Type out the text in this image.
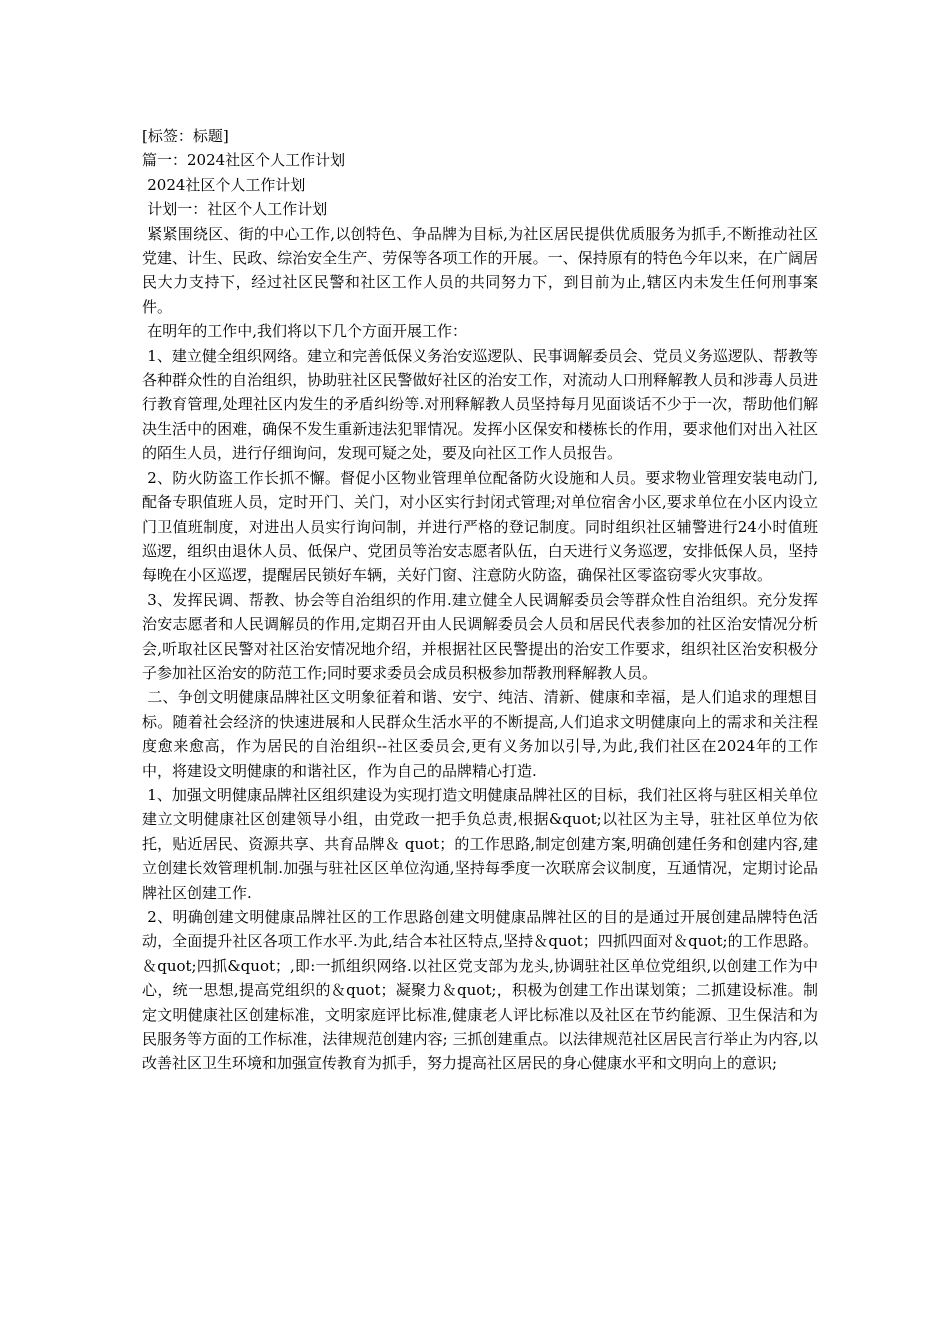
[标签：标题]

篇一：2024社区个人工作计划

2024社区个人工作计划

计划一：社区个人工作计划

紧紧围绕区、街的中心工作,以创特色、争品牌为目标,为社区居民提供优质服务为抓手,不断推动社区党建、计生、民政、综治安全生产、劳保等各项工作的开展。一、保持原有的特色今年以来，在广阔居民大力支持下，经过社区民警和社区工作人员的共同努力下，到目前为止,辖区内未发生任何刑事案件。

在明年的工作中,我们将以下几个方面开展工作：

1、建立健全组织网络。建立和完善低保义务治安巡逻队、民事调解委员会、党员义务巡逻队、帮教等各种群众性的自治组织，协助驻社区民警做好社区的治安工作，对流动人口刑释解教人员和涉毒人员进行教育管理,处理社区内发生的矛盾纠纷等.对刑释解教人员坚持每月见面谈话不少于一次，帮助他们解决生活中的困难，确保不发生重新违法犯罪情况。发挥小区保安和楼栋长的作用，要求他们对出入社区的陌生人员，进行仔细询问，发现可疑之处，要及向社区工作人员报告。

2、防火防盗工作长抓不懈。督促小区物业管理单位配备防火设施和人员。要求物业管理安装电动门,配备专职值班人员，定时开门、关门，对小区实行封闭式管理;对单位宿舍小区,要求单位在小区内设立门卫值班制度，对进出人员实行询问制，并进行严格的登记制度。同时组织社区辅警进行24小时值班巡逻，组织由退休人员、低保户、党团员等治安志愿者队伍，白天进行义务巡逻，安排低保人员，坚持每晚在小区巡逻，提醒居民锁好车辆，关好门窗、注意防火防盗，确保社区零盗窃零火灾事故。

3、发挥民调、帮教、协会等自治组织的作用.建立健全人民调解委员会等群众性自治组织。充分发挥治安志愿者和人民调解员的作用,定期召开由人民调解委员会人员和居民代表参加的社区治安情况分析会,听取社区民警对社区治安情况地介绍，并根据社区民警提出的治安工作要求，组织社区治安积极分子参加社区治安的防范工作;同时要求委员会成员积极参加帮教刑释解教人员。

二、争创文明健康品牌社区文明象征着和谐、安宁、纯洁、清新、健康和幸福，是人们追求的理想目标。随着社会经济的快速进展和人民群众生活水平的不断提高,人们追求文明健康向上的需求和关注程度愈来愈高，作为居民的自治组织--社区委员会,更有义务加以引导,为此,我们社区在2024年的工作中，将建设文明健康的和谐社区，作为自己的品牌精心打造.

1、加强文明健康品牌社区组织建设为实现打造文明健康品牌社区的目标，我们社区将与驻区相关单位建立文明健康社区创建领导小组，由党政一把手负总责,根据&quot;以社区为主导，驻社区单位为依托，贴近居民、资源共享、共育品牌＆ quot；的工作思路,制定创建方案,明确创建任务和创建内容,建立创建长效管理机制.加强与驻社区区单位沟通,坚持每季度一次联席会议制度，互通情况，定期讨论品牌社区创建工作.

2、明确创建文明健康品牌社区的工作思路创建文明健康品牌社区的目的是通过开展创建品牌特色活动，全面提升社区各项工作水平.为此,结合本社区特点,坚持＆quot；四抓四面对＆quot;的工作思路。＆quot;四抓&quot；,即:一抓组织网络.以社区党支部为龙头,协调驻社区单位党组织,以创建工作为中心，统一思想,提高党组织的＆quot；凝聚力＆quot;，积极为创建工作出谋划策；二抓建设标准。制定文明健康社区创建标准，文明家庭评比标准,健康老人评比标准以及社区在节约能源、卫生保洁和为民服务等方面的工作标准，法律规范创建内容; 三抓创建重点。以法律规范社区居民言行举止为内容,以改善社区卫生环境和加强宣传教育为抓手，努力提高社区居民的身心健康水平和文明向上的意识;
